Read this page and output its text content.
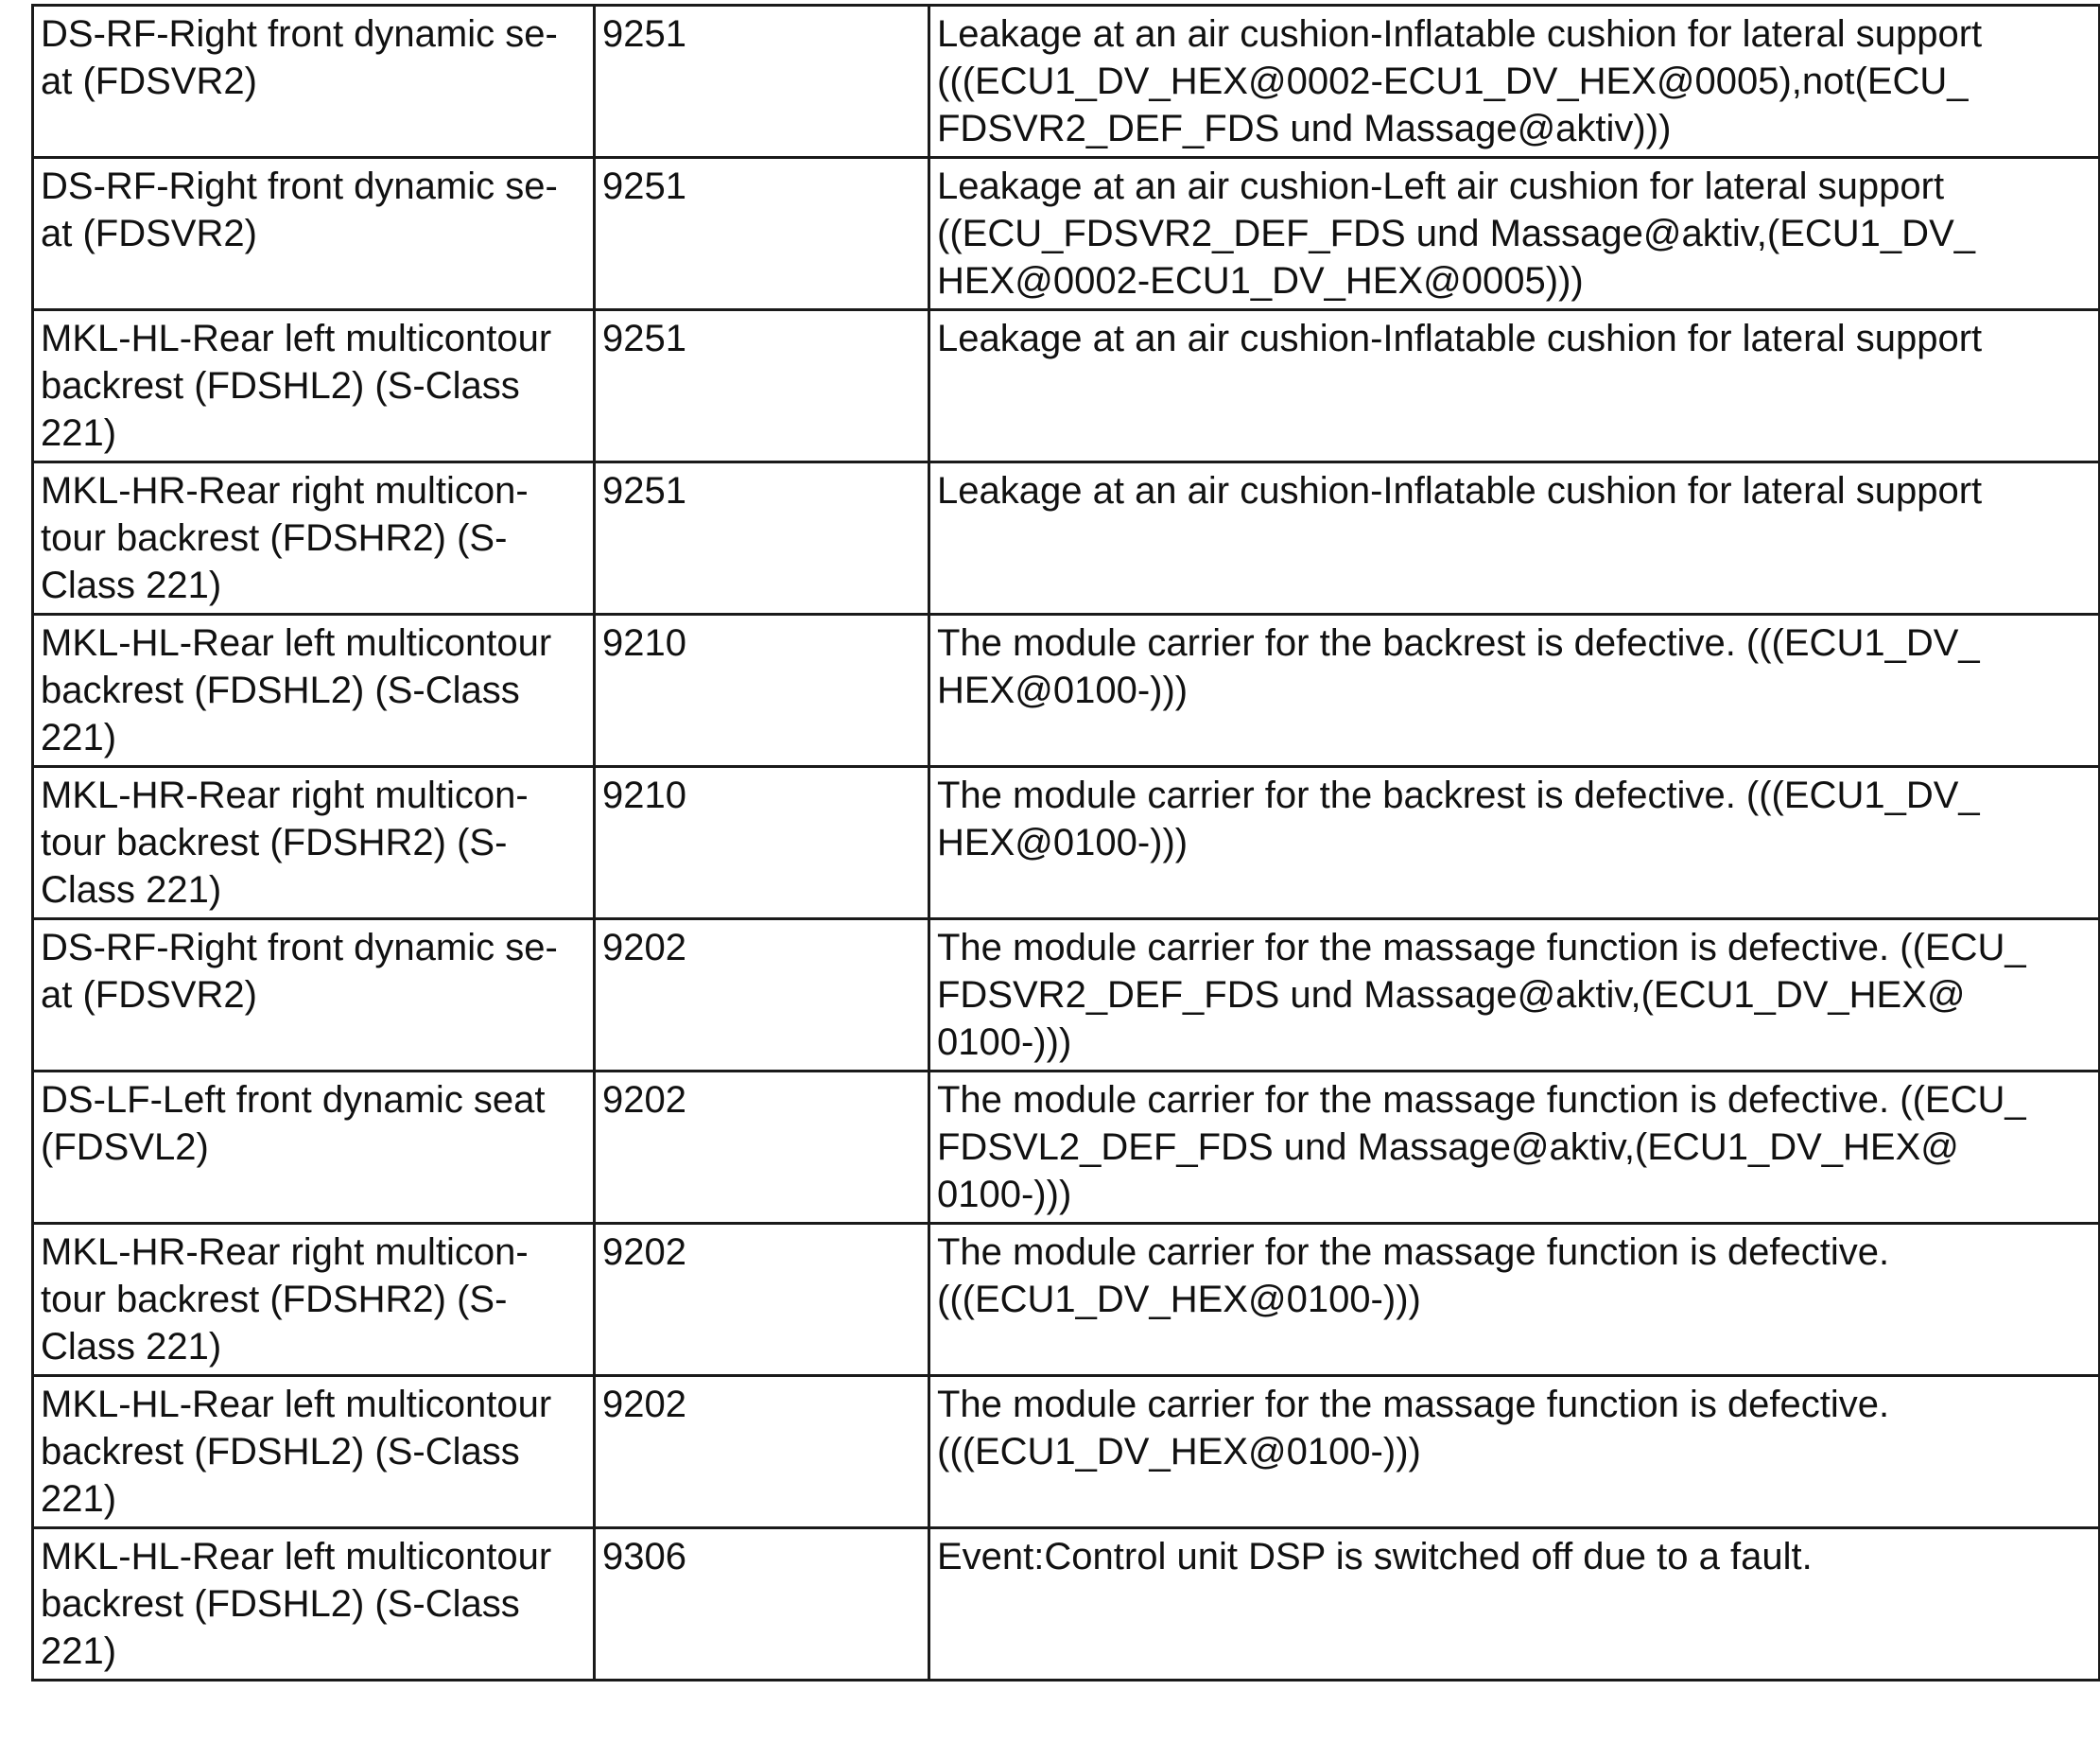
DS-RF-Right front dynamic se-
at (FDSVR2)	9251	Leakage at an air cushion-Inflatable cushion for lateral support
(((ECU1_DV_HEX@0002-ECU1_DV_HEX@0005),not(ECU_
FDSVR2_DEF_FDS und Massage@aktiv)))

DS-RF-Right front dynamic se-
at (FDSVR2)	9251	Leakage at an air cushion-Left air cushion for lateral support
((ECU_FDSVR2_DEF_FDS und Massage@aktiv,(ECU1_DV_
HEX@0002-ECU1_DV_HEX@0005)))

MKL-HL-Rear left multicontour
backrest (FDSHL2) (S-Class
221)	9251	Leakage at an air cushion-Inflatable cushion for lateral support

MKL-HR-Rear right multicon-
tour backrest (FDSHR2) (S-
Class 221)	9251	Leakage at an air cushion-Inflatable cushion for lateral support

MKL-HL-Rear left multicontour
backrest (FDSHL2) (S-Class
221)	9210	The module carrier for the backrest is defective. (((ECU1_DV_
HEX@0100-)))

MKL-HR-Rear right multicon-
tour backrest (FDSHR2) (S-
Class 221)	9210	The module carrier for the backrest is defective. (((ECU1_DV_
HEX@0100-)))

DS-RF-Right front dynamic se-
at (FDSVR2)	9202	The module carrier for the massage function is defective. ((ECU_
FDSVR2_DEF_FDS und Massage@aktiv,(ECU1_DV_HEX@
0100-)))

DS-LF-Left front dynamic seat
(FDSVL2)	9202	The module carrier for the massage function is defective. ((ECU_
FDSVL2_DEF_FDS und Massage@aktiv,(ECU1_DV_HEX@
0100-)))

MKL-HR-Rear right multicon-
tour backrest (FDSHR2) (S-
Class 221)	9202	The module carrier for the massage function is defective.
(((ECU1_DV_HEX@0100-)))

MKL-HL-Rear left multicontour
backrest (FDSHL2) (S-Class
221)	9202	The module carrier for the massage function is defective.
(((ECU1_DV_HEX@0100-)))

MKL-HL-Rear left multicontour
backrest (FDSHL2) (S-Class
221)	9306	Event:Control unit DSP is switched off due to a fault.
